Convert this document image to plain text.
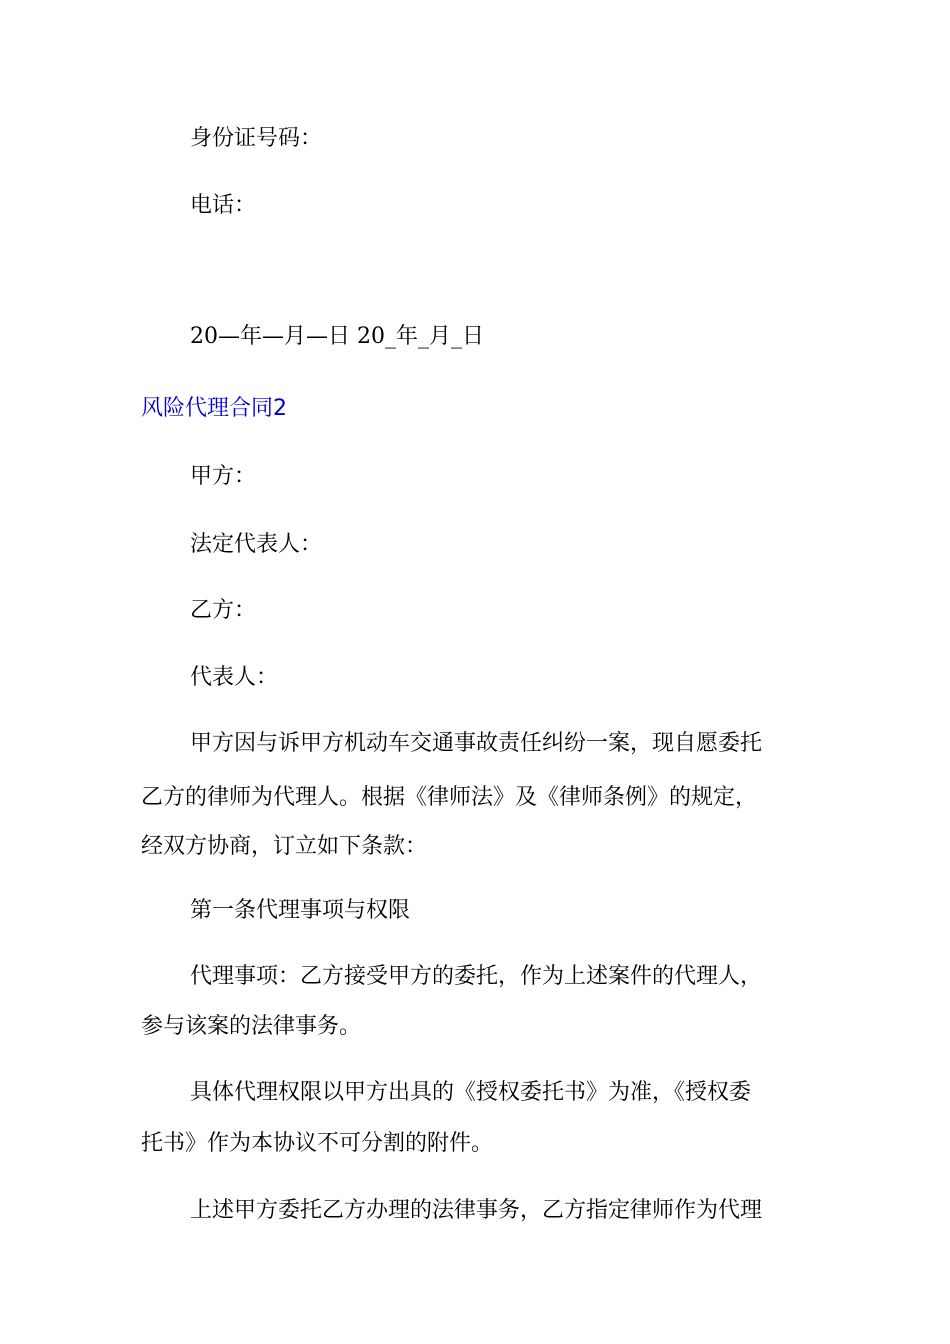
身份证号码：

电话：

20—年—月—日 20_年_月_日

风险代理合同2

甲方：

法定代表人：

乙方：

代表人：

甲方因与诉甲方机动车交通事故责任纠纷一案，现自愿委托

乙方的律师为代理人。根据《律师法》及《律师条例》的规定，

经双方协商，订立如下条款：

第一条代理事项与权限

代理事项：乙方接受甲方的委托，作为上述案件的代理人，

参与该案的法律事务。

具体代理权限以甲方出具的《授权委托书》为准，《授权委

托书》作为本协议不可分割的附件。

上述甲方委托乙方办理的法律事务，乙方指定律师作为代理
